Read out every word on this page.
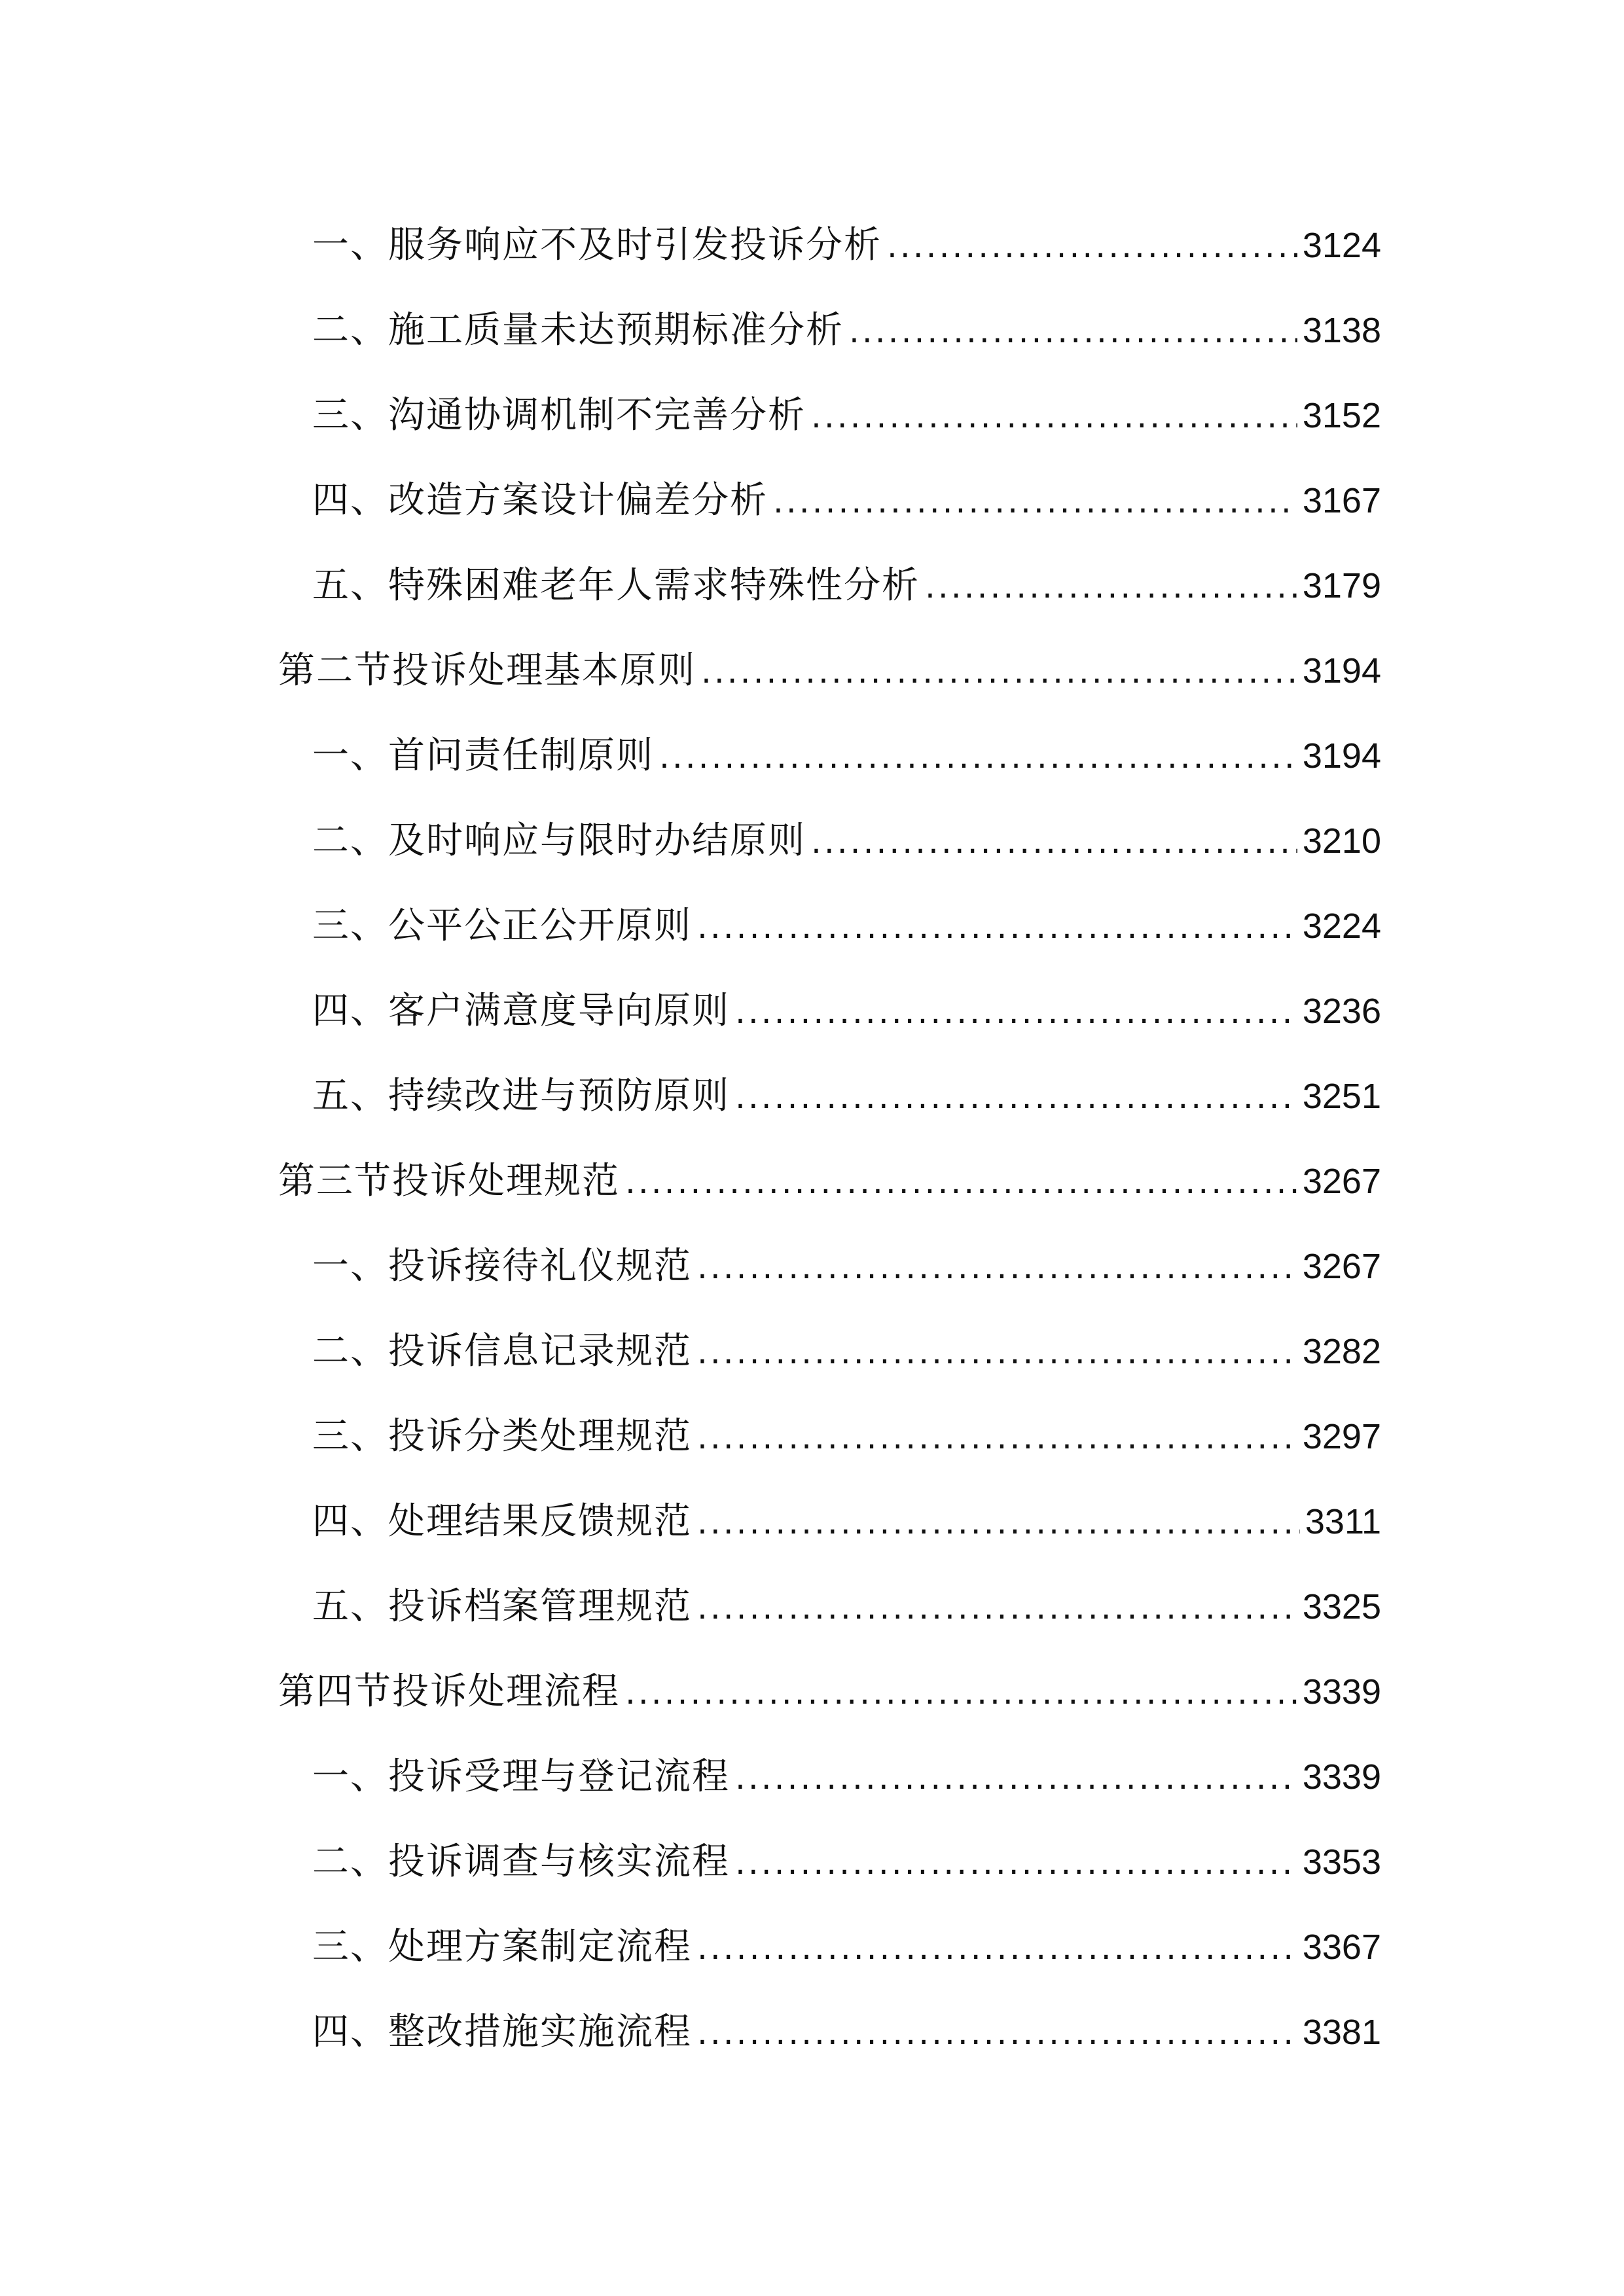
一、服务响应不及时引发投诉分析 .....	3124
二、施工质量未达预期标准分析 .....	3138
三、沟通协调机制不完善分析 .....	3152
四、改造方案设计偏差分析 .....	3167
五、特殊困难老年人需求特殊性分析 .....	3179
第二节投诉处理基本原则 .....	3194
一、首问责任制原则 .....	3194
二、及时响应与限时办结原则 .....	3210
三、公平公正公开原则 .....	3224
四、客户满意度导向原则 .....	3236
五、持续改进与预防原则 .....	3251
第三节投诉处理规范 .....	3267
一、投诉接待礼仪规范 .....	3267
二、投诉信息记录规范 .....	3282
三、投诉分类处理规范 .....	3297
四、处理结果反馈规范 .....	3311
五、投诉档案管理规范 .....	3325
第四节投诉处理流程 .....	3339
一、投诉受理与登记流程 .....	3339
二、投诉调查与核实流程 .....	3353
三、处理方案制定流程 .....	3367
四、整改措施实施流程 .....	3381
